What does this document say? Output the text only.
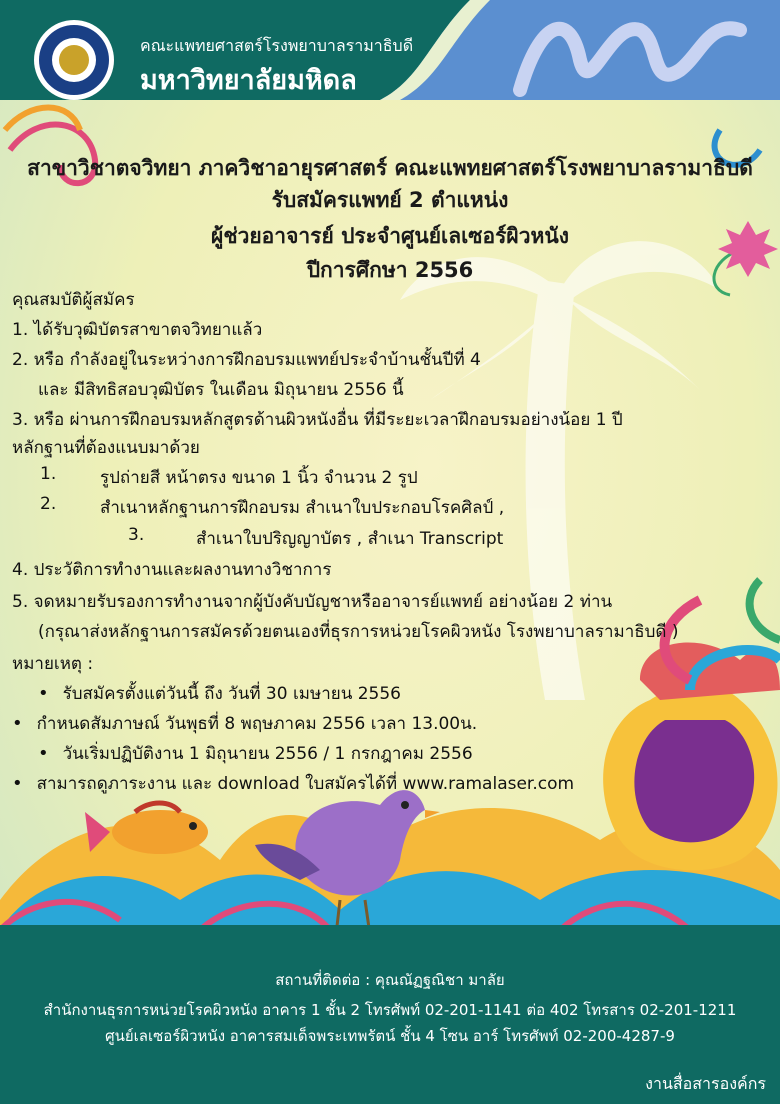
คณะแพทยศาสตร์โรงพยาบาลรามาธิบดี
มหาวิทยาลัยมหิดล
สาขาวิชาตจวิทยา ภาควิชาอายุรศาสตร์ คณะแพทยศาสตร์โรงพยาบาลรามาธิบดี
รับสมัครแพทย์ 2 ตำแหน่ง
ผู้ช่วยอาจารย์ ประจำศูนย์เลเซอร์ผิวหนัง
ปีการศึกษา 2556
คุณสมบัติผู้สมัคร
1. ได้รับวุฒิบัตรสาขาตจวิทยาแล้ว
2. หรือ กำลังอยู่ในระหว่างการฝึกอบรมแพทย์ประจำบ้านชั้นปีที่ 4
และ มีสิทธิสอบวุฒิบัตร ในเดือน มิถุนายน 2556 นี้
3. หรือ ผ่านการฝึกอบรมหลักสูตรด้านผิวหนังอื่น ที่มีระยะเวลาฝึกอบรมอย่างน้อย 1 ปี
หลักฐานที่ต้องแนบมาด้วย
1.	รูปถ่ายสี หน้าตรง ขนาด 1 นิ้ว จำนวน 2 รูป
2.	สำเนาหลักฐานการฝึกอบรม สำเนาใบประกอบโรคศิลป์ ,
3.	สำเนาใบปริญญาบัตร , สำเนา Transcript
4. ประวัติการทำงานและผลงานทางวิชาการ
5. จดหมายรับรองการทำงานจากผู้บังคับบัญชาหรืออาจารย์แพทย์ อย่างน้อย 2 ท่าน
(กรุณาส่งหลักฐานการสมัครด้วยตนเองที่ธุรการหน่วยโรคผิวหนัง โรงพยาบาลรามาธิบดี )
หมายเหตุ :
• รับสมัครตั้งแต่วันนี้ ถึง วันที่ 30 เมษายน 2556
• กำหนดสัมภาษณ์ วันพุธที่ 8 พฤษภาคม 2556 เวลา 13.00น.
• วันเริ่มปฏิบัติงาน 1 มิถุนายน 2556 / 1 กรกฎาคม 2556
• สามารถดูภาระงาน และ download ใบสมัครได้ที่ www.ramalaser.com
สถานที่ติดต่อ : คุณณัฏฐณิชา มาลัย
สำนักงานธุรการหน่วยโรคผิวหนัง อาคาร 1 ชั้น 2 โทรศัพท์ 02-201-1141 ต่อ 402 โทรสาร 02-201-1211
ศูนย์เลเซอร์ผิวหนัง อาคารสมเด็จพระเทพรัตน์ ชั้น 4 โซน อาร์ โทรศัพท์ 02-200-4287-9
งานสื่อสารองค์กร
